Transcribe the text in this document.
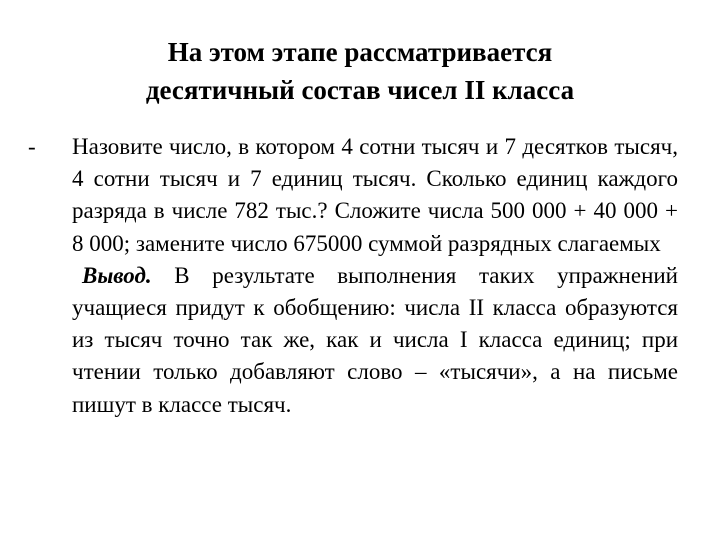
На этом этапе рассматривается
десятичный состав чисел II класса
-	Назовите число, в котором 4 сотни тысяч и 7 десятков тысяч, 4 сотни тысяч и 7 единиц тысяч. Сколько единиц каждого разряда в числе 782 тыс.? Сложите числа 500 000 + 40 000 + 8 000; замените число 675000 суммой разрядных слагаемых
Вывод. В результате выполнения таких упражнений учащиеся придут к обобщению: числа II класса образуются из тысяч точно так же, как и числа I класса единиц; при чтении только добавляют слово – «тысячи», а на письме пишут в классе тысяч.
